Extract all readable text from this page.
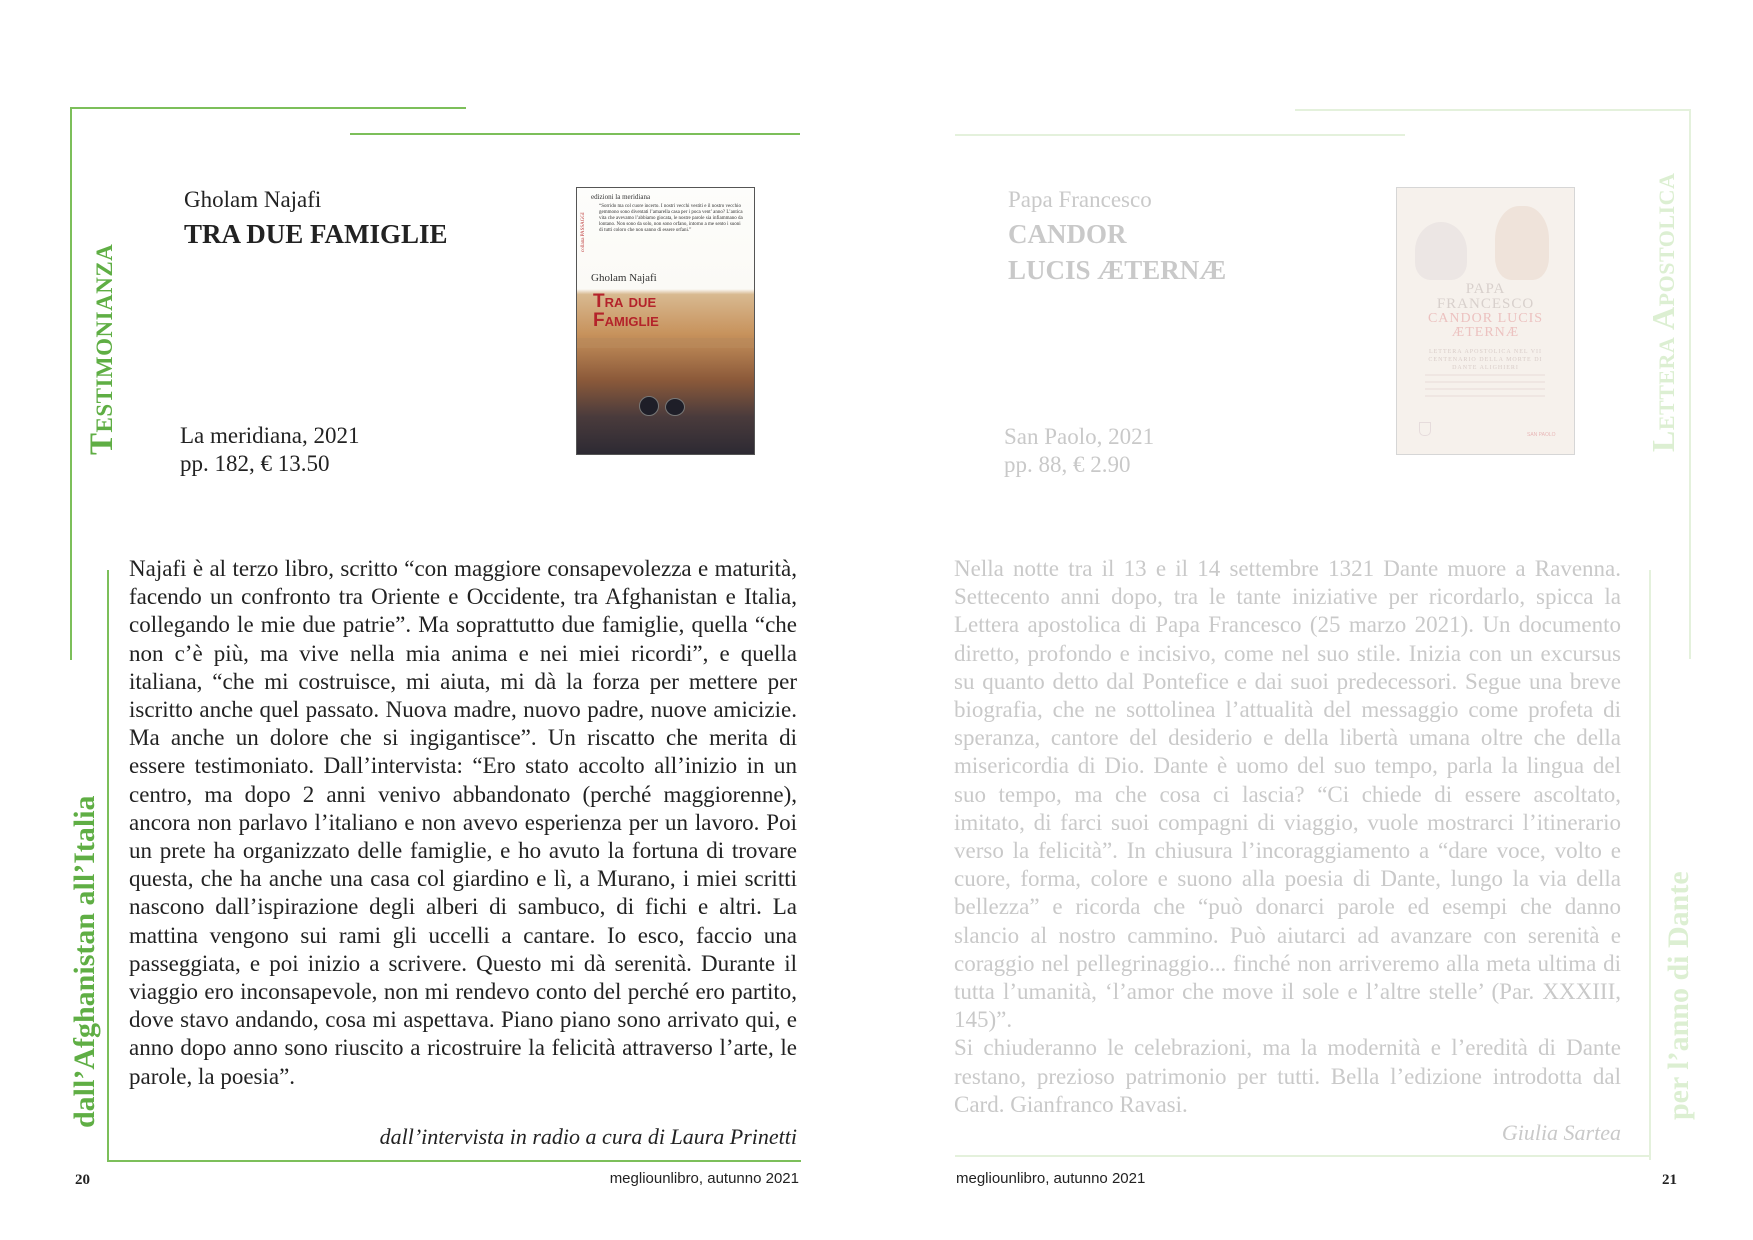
Testimonianza
dall’Afghanistan all’Italia
Gholam Najafi
TRA DUE FAMIGLIE
La meridiana, 2021
pp. 182, € 13.50
edizioni la meridiana
collana PASSAGGI
“Sorrido ma col cuore incerto. I nostri vecchi vestiti e il nostro vecchio gemmono sono diventati l’amarella casa per i poca vent’ anno? L’antica vita che avevamo l’abbiamo giocata, le nostre parole sia infiammano da lontano. Non sono da solo, non sono orfano, intorno a me sento i suoni di tutti coloro che non sanno di essere orfani.”
Gholam Najafi
Tra due
Famiglie

Najafi è al terzo libro, scritto “con maggiore consapevolezza e maturità, facendo un confronto tra Oriente e Occidente, tra Afghanistan e Italia, collegando le mie due patrie”. Ma soprattutto due famiglie, quella “che non c’è più, ma vive nella mia anima e nei miei ricordi”, e quella italiana, “che mi costruisce, mi aiuta, mi dà la forza per mettere per iscritto anche quel passato. Nuova madre, nuovo padre, nuove amicizie. Ma anche un dolore che si ingigantisce”. Un riscatto che merita di essere testimoniato. Dall’intervista: “Ero stato accolto all’inizio in un centro, ma dopo 2 anni venivo abbandonato (perché maggiorenne), ancora non parlavo l’italiano e non avevo esperienza per un lavoro. Poi un prete ha organizzato delle famiglie, e ho avuto la fortuna di trovare questa, che ha anche una casa col giardino e lì, a Murano, i miei scritti nascono dall’ispirazione degli alberi di sambuco, di fichi e altri. La mattina vengono sui rami gli uccelli a cantare. Io esco, faccio una passeggiata, e poi inizio a scrivere. Questo mi dà serenità. Durante il viaggio ero inconsapevole, non mi rendevo conto del perché ero partito, dove stavo andando, cosa mi aspettava. Piano piano sono arrivato qui, e anno dopo anno sono riuscito a ricostruire la felicità attraverso l’arte, le parole, la poesia”.

dall’intervista in radio a cura di Laura Prinetti
20	megliounlibro, autunno 2021
Lettera Apostolica
per l’anno di Dante
Papa Francesco
CANDOR
LUCIS ÆTERNÆ
San Paolo, 2021
pp. 88, € 2.90
PAPA
FRANCESCO
CANDOR LUCIS
ÆTERNÆ
LETTERA APOSTOLICA NEL VII CENTENARIO DELLA MORTE DI DANTE ALIGHIERI
SAN PAOLO

Nella notte tra il 13 e il 14 settembre 1321 Dante muore a Ravenna. Settecento anni dopo, tra le tante iniziative per ricordarlo, spicca la Lettera apostolica di Papa Francesco (25 marzo 2021). Un documento diretto, profondo e incisivo, come nel suo stile. Inizia con un excursus su quanto detto dal Pontefice e dai suoi predecessori. Segue una breve biografia, che ne sottolinea l’attualità del messaggio come profeta di speranza, cantore del desiderio e della libertà umana oltre che della misericordia di Dio. Dante è uomo del suo tempo, parla la lingua del suo tempo, ma che cosa ci lascia? “Ci chiede di essere ascoltato, imitato, di farci suoi compagni di viaggio, vuole mostrarci l’itinerario verso la felicità”. In chiusura l’incoraggiamento a “dare voce, volto e cuore, forma, colore e suono alla poesia di Dante, lungo la via della bellezza” e ricorda che “può donarci parole ed esempi che danno slancio al nostro cammino. Può aiutarci ad avanzare con serenità e coraggio nel pellegrinaggio... finché non arriveremo alla meta ultima di tutta l’umanità, ‘l’amor che move il sole e l’altre stelle’ (Par. XXXIII, 145)”.

Si chiuderanno le celebrazioni, ma la modernità e l’eredità di Dante restano, prezioso patrimonio per tutti. Bella l’edizione introdotta dal Card. Gianfranco Ravasi.

Giulia Sartea
megliounlibro, autunno 2021	21
